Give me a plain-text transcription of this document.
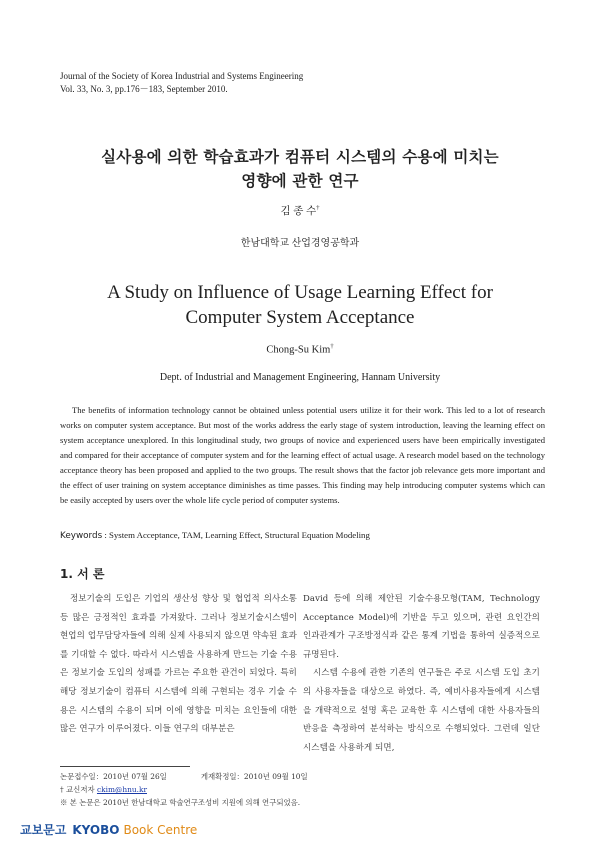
Journal of the Society of Korea Industrial and Systems Engineering
Vol. 33, No. 3, pp.176－183, September 2010.
실사용에 의한 학습효과가 컴퓨터 시스템의 수용에 미치는
영향에 관한 연구
김 종 수†
한남대학교 산업경영공학과
A Study on Influence of Usage Learning Effect for
Computer System Acceptance
Chong-Su Kim†
Dept. of Industrial and Management Engineering, Hannam University

The benefits of information technology cannot be obtained unless potential users utilize it for their work. This led to a lot of research works on computer system acceptance. But most of the works address the early stage of system introduction, leaving the learning effect on system acceptance unexplored. In this longitudinal study, two groups of novice and experienced users have been empirically investigated and compared for their acceptance of computer system and for the learning effect of actual usage. A research model based on the technology acceptance theory has been proposed and applied to the two groups. The result shows that the factor job relevance gets more important and the effect of user training on system acceptance diminishes as time passes. This finding may help introducing computer systems which can be easily accepted by users over the whole life cycle period of computer systems.

Keywords : System Acceptance, TAM, Learning Effect, Structural Equation Modeling
1. 서 론

정보기술의 도입은 기업의 생산성 향상 및 협업적 의사소통 등 많은 긍정적인 효과를 가져왔다. 그러나 정보기술시스템이 현업의 업무담당자들에 의해 실제 사용되지 않으면 약속된 효과를 기대할 수 없다. 따라서 시스템을 사용하게 만드는 기술 수용은 정보기술 도입의 성패를 가르는 주요한 관건이 되었다. 특히 해당 정보기술이 컴퓨터 시스템에 의해 구현되는 경우 기술 수용은 시스템의 수용이 되며 이에 영향을 미치는 요인들에 대한 많은 연구가 이루어졌다. 이들 연구의 대부분은

David 등에 의해 제안된 기술수용모형(TAM, Technology Acceptance Model)에 기반을 두고 있으며, 관련 요인간의 인과관계가 구조방정식과 같은 통계 기법을 통하여 실증적으로 규명된다.

시스템 수용에 관한 기존의 연구들은 주로 시스템 도입 초기의 사용자들을 대상으로 하였다. 즉, 예비사용자들에게 시스템을 개략적으로 설명 혹은 교육한 후 시스템에 대한 사용자들의 반응을 측정하여 분석하는 방식으로 수행되었다. 그런데 일단 시스템을 사용하게 되면,

논문접수일：2010년 07월 26일	게재확정일：2010년 09월 10일
† 교신저자 ckim@hnu.kr
※ 본 논문은 2010년 한남대학교 학술연구조성비 지원에 의해 연구되었음.
교보문고 KYOBO Book Centre
